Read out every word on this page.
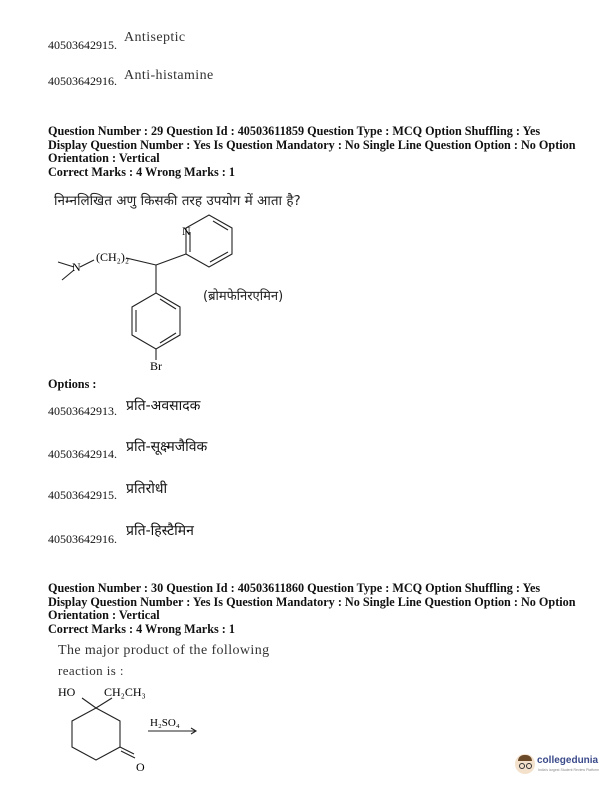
40503642915. Antiseptic
40503642916. Anti-histamine
Question Number : 29 Question Id : 40503611859 Question Type : MCQ Option Shuffling : Yes
Display Question Number : Yes Is Question Mandatory : No Single Line Question Option : No Option
Orientation : Vertical
Correct Marks : 4 Wrong Marks : 1
निम्नलिखित अणु किसकी तरह उपयोग में आता है?
N
(CH₂)₂
N
Br
(ब्रोमफेनिरएमिन)
Options :
40503642913. प्रति-अवसादक
40503642914. प्रति-सूक्ष्मजैविक
40503642915. प्रतिरोधी
40503642916. प्रति-हिस्टैमिन
Question Number : 30 Question Id : 40503611860 Question Type : MCQ Option Shuffling : Yes
Display Question Number : Yes Is Question Mandatory : No Single Line Question Option : No Option
Orientation : Vertical
Correct Marks : 4 Wrong Marks : 1
The major product of the following
reaction is :
HO CH₂CH₃
H₂SO₄
O	collegedunia
India's largest Student Review Platform
